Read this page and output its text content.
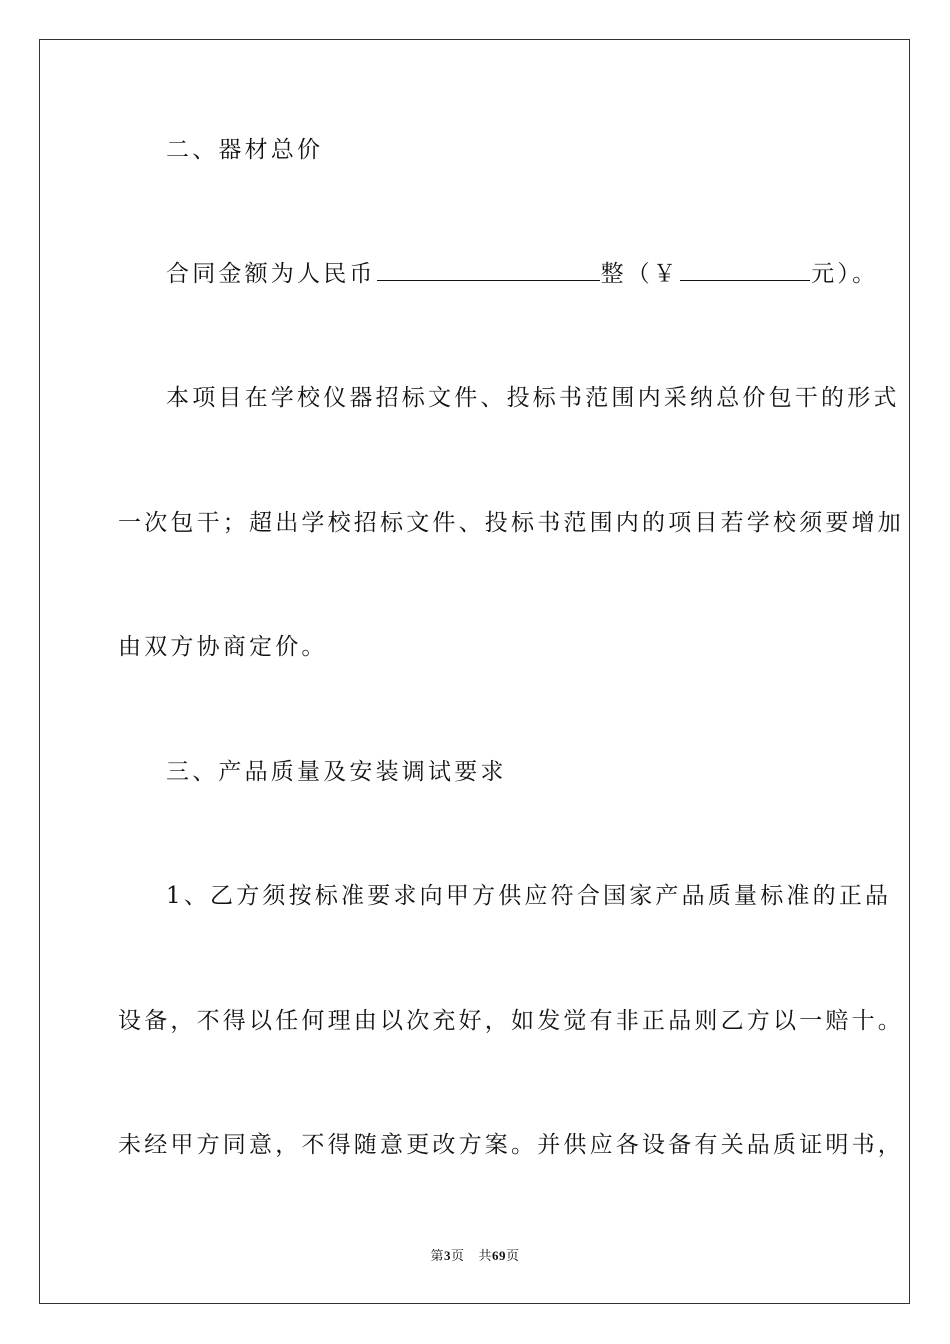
二、器材总价
合同金额为人民币	整（￥	元）。
本项目在学校仪器招标文件、投标书范围内采纳总价包干的形式
一次包干；超出学校招标文件、投标书范围内的项目若学校须要增加
由双方协商定价。
三、产品质量及安装调试要求
1、乙方须按标准要求向甲方供应符合国家产品质量标准的正品
设备，不得以任何理由以次充好，如发觉有非正品则乙方以一赔十。
未经甲方同意，不得随意更改方案。并供应各设备有关品质证明书，
第3页 共69页
